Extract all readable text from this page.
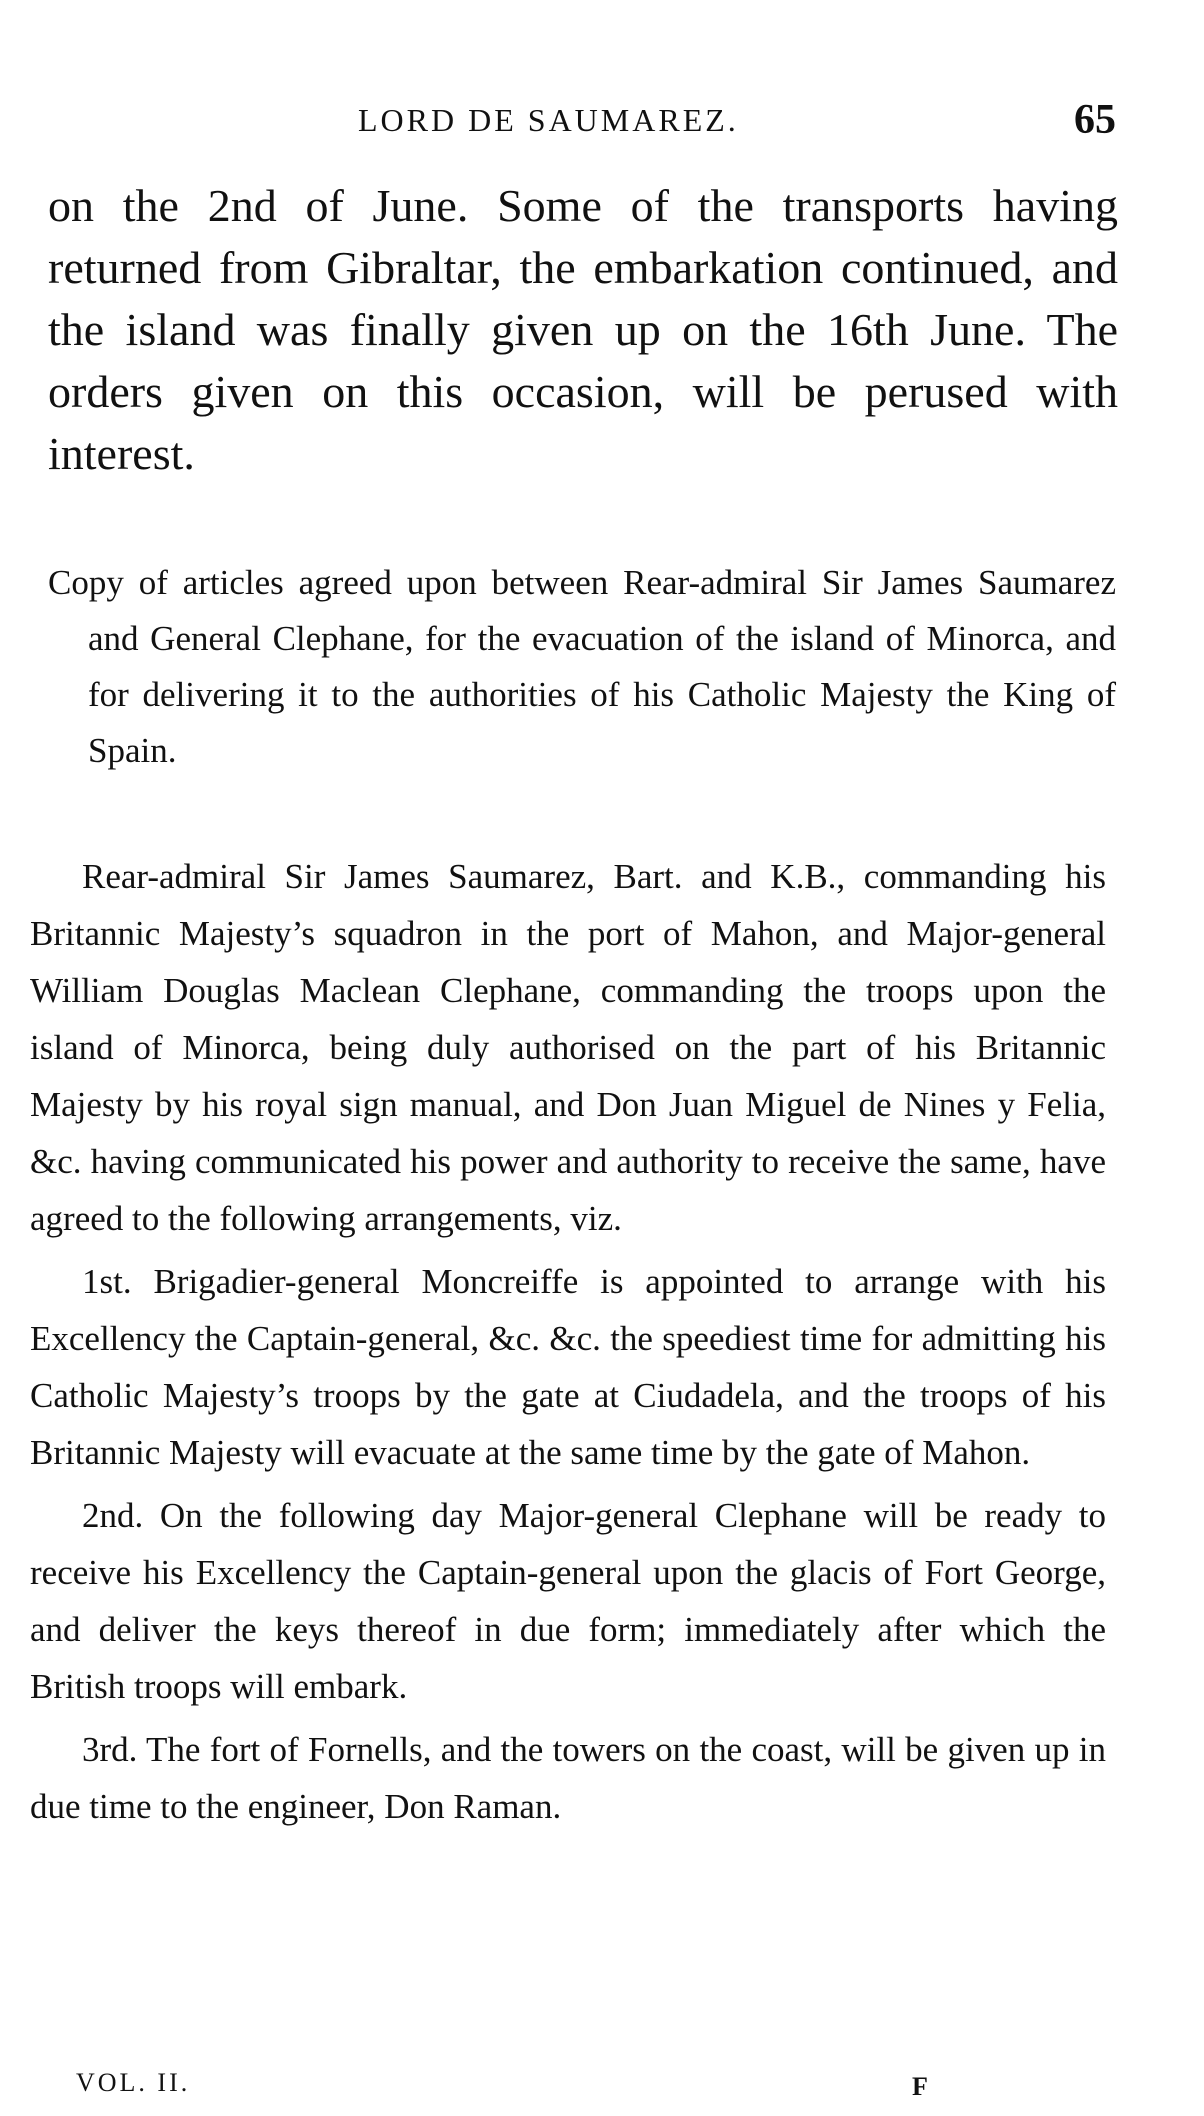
LORD DE SAUMAREZ.	65

on the 2nd of June. Some of the transports having returned from Gibraltar, the embarkation continued, and the island was finally given up on the 16th June. The orders given on this occasion, will be perused with interest.

Copy of articles agreed upon between Rear-admiral Sir James Saumarez and General Clephane, for the evacuation of the island of Minorca, and for delivering it to the authorities of his Catholic Majesty the King of Spain.

Rear-admiral Sir James Saumarez, Bart. and K.B., commanding his Britannic Majesty’s squadron in the port of Mahon, and Major-general William Douglas Maclean Clephane, commanding the troops upon the island of Minorca, being duly authorised on the part of his Britannic Majesty by his royal sign manual, and Don Juan Miguel de Nines y Felia, &c. having communicated his power and authority to receive the same, have agreed to the following arrangements, viz.

1st. Brigadier-general Moncreiffe is appointed to arrange with his Excellency the Captain-general, &c. &c. the speediest time for admitting his Catholic Majesty’s troops by the gate at Ciudadela, and the troops of his Britannic Majesty will evacuate at the same time by the gate of Mahon.

2nd. On the following day Major-general Clephane will be ready to receive his Excellency the Captain-general upon the glacis of Fort George, and deliver the keys thereof in due form; immediately after which the British troops will embark.

3rd. The fort of Fornells, and the towers on the coast, will be given up in due time to the engineer, Don Raman.

VOL. II.	F
